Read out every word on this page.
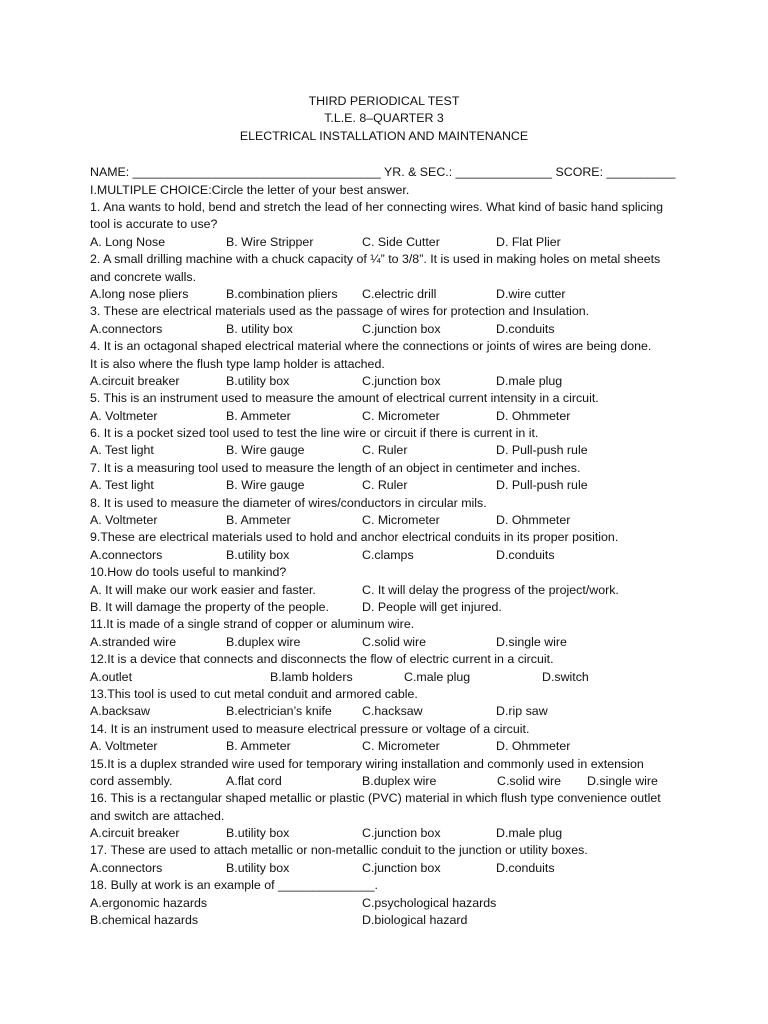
THIRD PERIODICAL TEST
T.L.E. 8–QUARTER 3
ELECTRICAL INSTALLATION AND MAINTENANCE
NAME: ____________________________________ YR. & SEC.: ______________ SCORE: __________
I.MULTIPLE CHOICE:Circle the letter of your best answer.
1. Ana wants to hold, bend and stretch the lead of her connecting wires. What kind of basic hand splicing
tool is accurate to use?
A. Long Nose	B. Wire Stripper	C. Side Cutter	D. Flat Plier
2. A small drilling machine with a chuck capacity of ¼” to 3/8”. It is used in making holes on metal sheets
and concrete walls.
A.long nose pliers	B.combination pliers C.electric drill	D.wire cutter
3. These are electrical materials used as the passage of wires for protection and Insulation.
A.connectors	B. utility box	C.junction box	D.conduits
4. It is an octagonal shaped electrical material where the connections or joints of wires are being done.
It is also where the flush type lamp holder is attached.
A.circuit breaker	B.utility box	C.junction box	D.male plug
5. This is an instrument used to measure the amount of electrical current intensity in a circuit.
A. Voltmeter	B. Ammeter	C. Micrometer	D. Ohmmeter
6. It is a pocket sized tool used to test the line wire or circuit if there is current in it.
A. Test light	B. Wire gauge	C. Ruler	D. Pull-push rule
7. It is a measuring tool used to measure the length of an object in centimeter and inches.
A. Test light	B. Wire gauge	C. Ruler	D. Pull-push rule
8. It is used to measure the diameter of wires/conductors in circular mils.
A. Voltmeter	B. Ammeter	C. Micrometer	D. Ohmmeter
9.These are electrical materials used to hold and anchor electrical conduits in its proper position.
A.connectors	B.utility box	C.clamps	D.conduits
10.How do tools useful to mankind?
A. It will make our work easier and faster.	C. It will delay the progress of the project/work.
B. It will damage the property of the people.	D. People will get injured.
11.It is made of a single strand of copper or aluminum wire.
A.stranded wire	B.duplex wire	C.solid wire	D.single wire
12.It is a device that connects and disconnects the flow of electric current in a circuit.
A.outlet	B.lamb holders	C.male plug	D.switch
13.This tool is used to cut metal conduit and armored cable.
A.backsaw	B.electrician’s knife C.hacksaw	D.rip saw
14. It is an instrument used to measure electrical pressure or voltage of a circuit.
A. Voltmeter	B. Ammeter	C. Micrometer	D. Ohmmeter
15.It is a duplex stranded wire used for temporary wiring installation and commonly used in extension
cord assembly.	A.flat cord	B.duplex wire	C.solid wire D.single wire
16. This is a rectangular shaped metallic or plastic (PVC) material in which flush type convenience outlet
and switch are attached.
A.circuit breaker	B.utility box	C.junction box	D.male plug
17. These are used to attach metallic or non-metallic conduit to the junction or utility boxes.
A.connectors	B.utility box	C.junction box	D.conduits
18. Bully at work is an example of ______________.
A.ergonomic hazards	C.psychological hazards
B.chemical hazards	D.biological hazard
